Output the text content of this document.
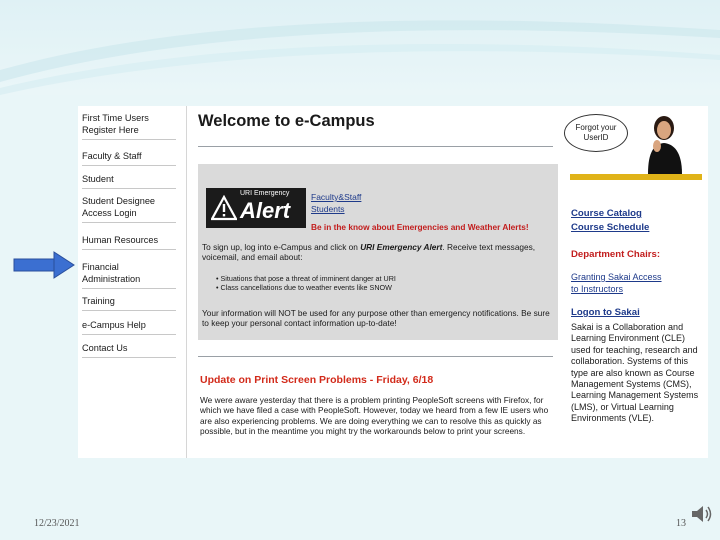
First Time Users
Register Here
Faculty & Staff
Student
Student Designee
Access Login
Human Resources
Financial
Administration
Training
e-Campus Help
Contact Us
Welcome to e-Campus
URI Emergency
Alert
Faculty&Staff
Students
Be in the know about Emergencies and Weather Alerts!
To sign up, log into e-Campus and click on URI Emergency Alert. Receive text messages, voicemail, and email about:
• Situations that pose a threat of imminent danger at URI
• Class cancellations due to weather events like SNOW
Your information will NOT be used for any purpose other than emergency notifications. Be sure to keep your personal contact information up-to-date!
Update on Print Screen Problems - Friday, 6/18
We were aware yesterday that there is a problem printing PeopleSoft screens with Firefox, for which we have filed a case with PeopleSoft. However, today we heard from a few IE users who are also experiencing problems. We are doing everything we can to resolve this as quickly as possible, but in the meantime you might try the workarounds below to print your screens.
Forgot your UserID
Course Catalog
Course Schedule
Department Chairs:
Granting Sakai Access
to Instructors
Logon to Sakai
Sakai is a Collaboration and Learning Environment (CLE) used for teaching, research and collaboration. Systems of this type are also known as Course Management Systems (CMS), Learning Management Systems (LMS), or Virtual Learning Environments (VLE).
12/23/2021	13
